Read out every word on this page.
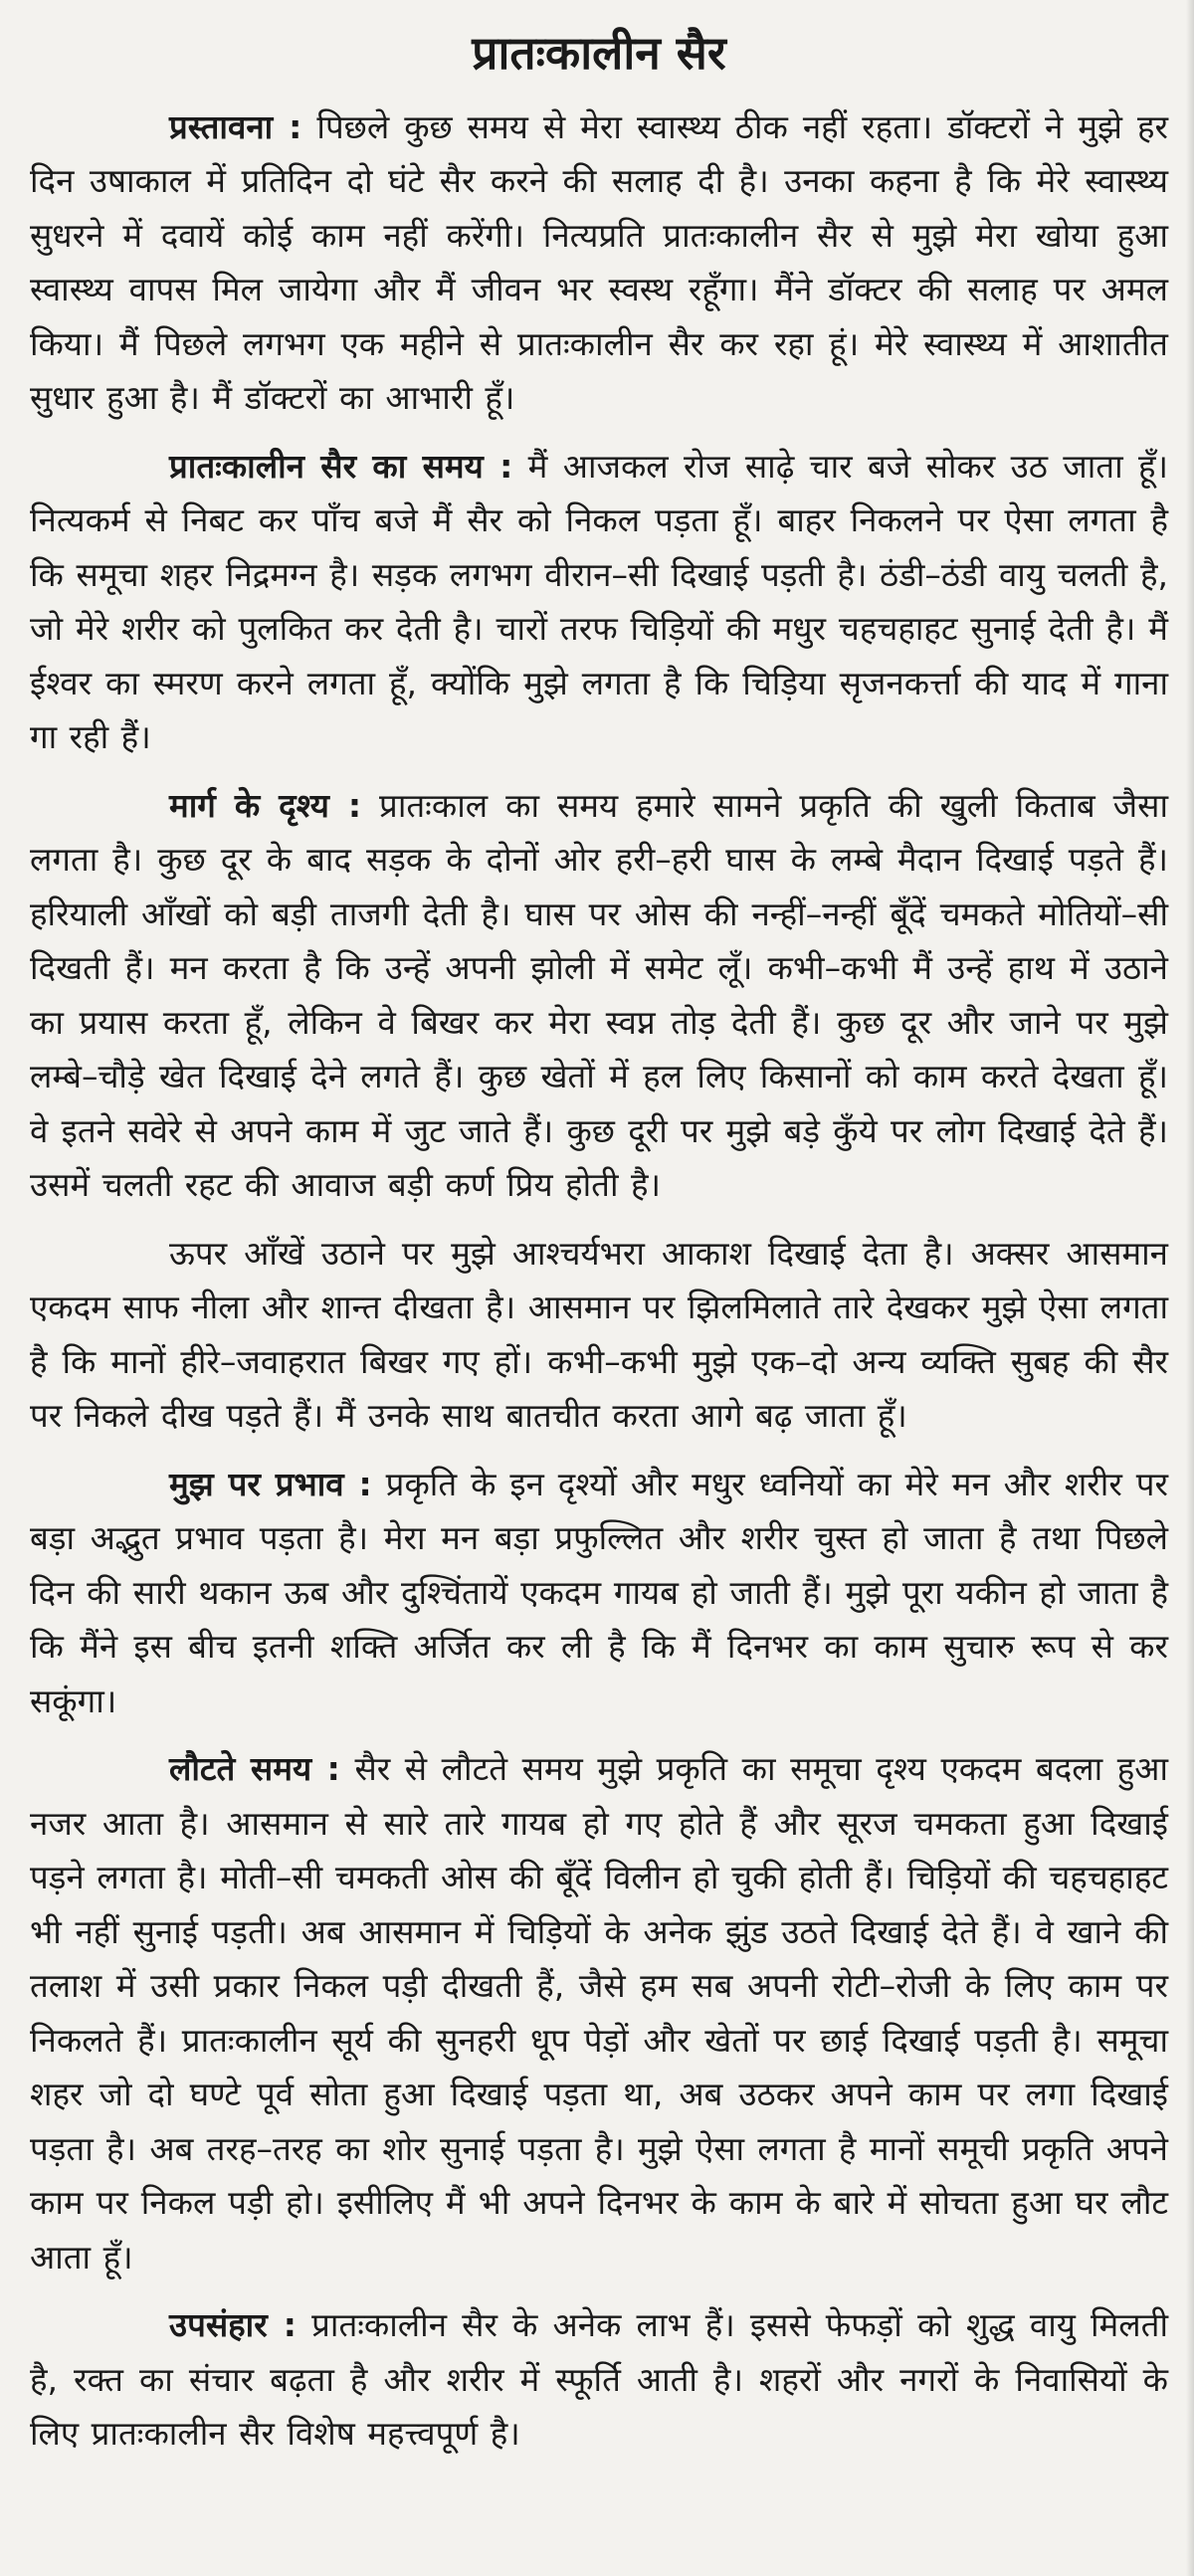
प्रातःकालीन सैर

प्रस्तावना : पिछले कुछ समय से मेरा स्वास्थ्य ठीक नहीं रहता। डॉक्टरों ने मुझे हर दिन उषाकाल में प्रतिदिन दो घंटे सैर करने की सलाह दी है। उनका कहना है कि मेरे स्वास्थ्य सुधरने में दवायें कोई काम नहीं करेंगी। नित्यप्रति प्रातःकालीन सैर से मुझे मेरा खोया हुआ स्वास्थ्य वापस मिल जायेगा और मैं जीवन भर स्वस्थ रहूँगा। मैंने डॉक्टर की सलाह पर अमल किया। मैं पिछले लगभग एक महीने से प्रातःकालीन सैर कर रहा हूं। मेरे स्वास्थ्य में आशातीत सुधार हुआ है। मैं डॉक्टरों का आभारी हूँ।

प्रातःकालीन सैर का समय : मैं आजकल रोज साढ़े चार बजे सोकर उठ जाता हूँ। नित्यकर्म से निबट कर पाँच बजे मैं सैर को निकल पड़ता हूँ। बाहर निकलने पर ऐसा लगता है कि समूचा शहर निद्रमग्न है। सड़क लगभग वीरान–सी दिखाई पड़ती है। ठंडी–ठंडी वायु चलती है, जो मेरे शरीर को पुलकित कर देती है। चारों तरफ चिड़ियों की मधुर चहचहाहट सुनाई देती है। मैं ईश्वर का स्मरण करने लगता हूँ, क्योंकि मुझे लगता है कि चिड़िया सृजनकर्त्ता की याद में गाना गा रही हैं।

मार्ग के दृश्य : प्रातःकाल का समय हमारे सामने प्रकृति की खुली किताब जैसा लगता है। कुछ दूर के बाद सड़क के दोनों ओर हरी–हरी घास के लम्बे मैदान दिखाई पड़ते हैं। हरियाली आँखों को बड़ी ताजगी देती है। घास पर ओस की नन्हीं–नन्हीं बूँदें चमकते मोतियों–सी दिखती हैं। मन करता है कि उन्हें अपनी झोली में समेट लूँ। कभी–कभी मैं उन्हें हाथ में उठाने का प्रयास करता हूँ, लेकिन वे बिखर कर मेरा स्वप्न तोड़ देती हैं। कुछ दूर और जाने पर मुझे लम्बे–चौड़े खेत दिखाई देने लगते हैं। कुछ खेतों में हल लिए किसानों को काम करते देखता हूँ। वे इतने सवेरे से अपने काम में जुट जाते हैं। कुछ दूरी पर मुझे बड़े कुँये पर लोग दिखाई देते हैं। उसमें चलती रहट की आवाज बड़ी कर्ण प्रिय होती है।

ऊपर आँखें उठाने पर मुझे आश्चर्यभरा आकाश दिखाई देता है। अक्सर आसमान एकदम साफ नीला और शान्त दीखता है। आसमान पर झिलमिलाते तारे देखकर मुझे ऐसा लगता है कि मानों हीरे–जवाहरात बिखर गए हों। कभी–कभी मुझे एक–दो अन्य व्यक्ति सुबह की सैर पर निकले दीख पड़ते हैं। मैं उनके साथ बातचीत करता आगे बढ़ जाता हूँ।

मुझ पर प्रभाव : प्रकृति के इन दृश्यों और मधुर ध्वनियों का मेरे मन और शरीर पर बड़ा अद्भुत प्रभाव पड़ता है। मेरा मन बड़ा प्रफुल्लित और शरीर चुस्त हो जाता है तथा पिछले दिन की सारी थकान ऊब और दुश्चिंतायें एकदम गायब हो जाती हैं। मुझे पूरा यकीन हो जाता है कि मैंने इस बीच इतनी शक्ति अर्जित कर ली है कि मैं दिनभर का काम सुचारु रूप से कर सकूंगा।

लौटते समय : सैर से लौटते समय मुझे प्रकृति का समूचा दृश्य एकदम बदला हुआ नजर आता है। आसमान से सारे तारे गायब हो गए होते हैं और सूरज चमकता हुआ दिखाई पड़ने लगता है। मोती–सी चमकती ओस की बूँदें विलीन हो चुकी होती हैं। चिड़ियों की चहचहाहट भी नहीं सुनाई पड़ती। अब आसमान में चिड़ियों के अनेक झुंड उठते दिखाई देते हैं। वे खाने की तलाश में उसी प्रकार निकल पड़ी दीखती हैं, जैसे हम सब अपनी रोटी–रोजी के लिए काम पर निकलते हैं। प्रातःकालीन सूर्य की सुनहरी धूप पेड़ों और खेतों पर छाई दिखाई पड़ती है। समूचा शहर जो दो घण्टे पूर्व सोता हुआ दिखाई पड़ता था, अब उठकर अपने काम पर लगा दिखाई पड़ता है। अब तरह–तरह का शोर सुनाई पड़ता है। मुझे ऐसा लगता है मानों समूची प्रकृति अपने काम पर निकल पड़ी हो। इसीलिए मैं भी अपने दिनभर के काम के बारे में सोचता हुआ घर लौट आता हूँ।

उपसंहार : प्रातःकालीन सैर के अनेक लाभ हैं। इससे फेफड़ों को शुद्ध वायु मिलती है, रक्त का संचार बढ़ता है और शरीर में स्फूर्ति आती है। शहरों और नगरों के निवासियों के लिए प्रातःकालीन सैर विशेष महत्त्वपूर्ण है।
